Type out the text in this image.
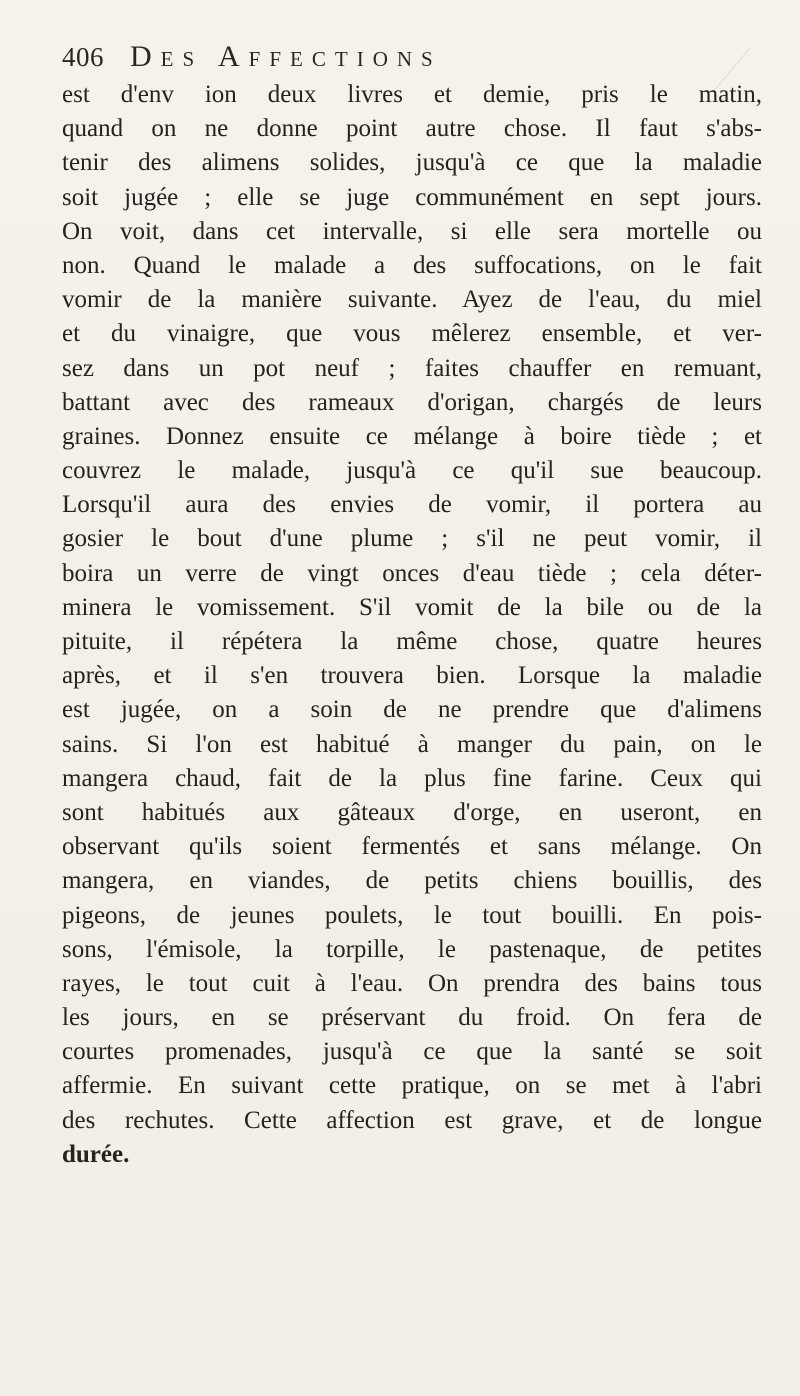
406 Des Affections
est d'env ion deux livres et demie, pris le matin,
quand on ne donne point autre chose. Il faut s'abs-
tenir des alimens solides, jusqu'à ce que la maladie
soit jugée ; elle se juge communément en sept jours.
On voit, dans cet intervalle, si elle sera mortelle ou
non. Quand le malade a des suffocations, on le fait
vomir de la manière suivante. Ayez de l'eau, du miel
et du vinaigre, que vous mêlerez ensemble, et ver-
sez dans un pot neuf ; faites chauffer en remuant,
battant avec des rameaux d'origan, chargés de leurs
graines. Donnez ensuite ce mélange à boire tiède ; et
couvrez le malade, jusqu'à ce qu'il sue beaucoup.
Lorsqu'il aura des envies de vomir, il portera au
gosier le bout d'une plume ; s'il ne peut vomir, il
boira un verre de vingt onces d'eau tiède ; cela déter-
minera le vomissement. S'il vomit de la bile ou de la
pituite, il répétera la même chose, quatre heures
après, et il s'en trouvera bien. Lorsque la maladie
est jugée, on a soin de ne prendre que d'alimens
sains. Si l'on est habitué à manger du pain, on le
mangera chaud, fait de la plus fine farine. Ceux qui
sont habitués aux gâteaux d'orge, en useront, en
observant qu'ils soient fermentés et sans mélange. On
mangera, en viandes, de petits chiens bouillis, des
pigeons, de jeunes poulets, le tout bouilli. En pois-
sons, l'émisole, la torpille, le pastenaque, de petites
rayes, le tout cuit à l'eau. On prendra des bains tous
les jours, en se préservant du froid. On fera de
courtes promenades, jusqu'à ce que la santé se soit
affermie. En suivant cette pratique, on se met à l'abri
des rechutes. Cette affection est grave, et de longue
durée.
